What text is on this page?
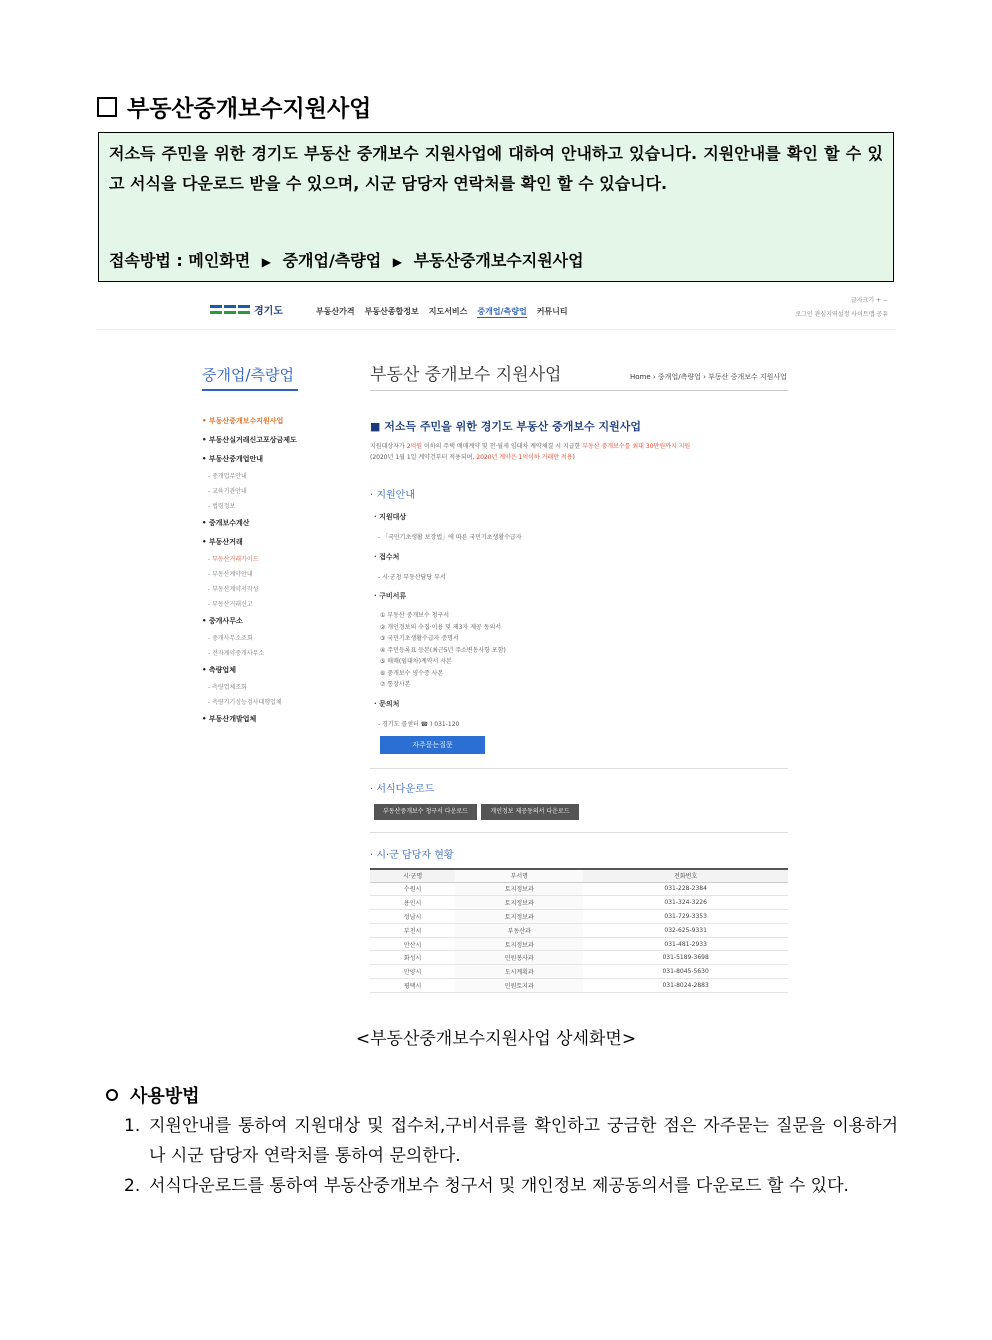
부동산중개보수지원사업
저소득 주민을 위한 경기도 부동산 중개보수 지원사업에 대하여 안내하고 있습니다. 지원안내를 확인 할 수 있고 서식을 다운로드 받을 수 있으며, 시군 담당자 연락처를 확인 할 수 있습니다.
접속방법 : 메인화면 ▶ 중개업/측량업 ▶ 부동산중개보수지원사업
경기도	부동산가격 부동산종합정보 지도서비스 중개업/측량업 커뮤니티
글자크기 + −
로그인 관심지역설정 사이트맵 공유
중개업/측량업
• 부동산중개보수지원사업
• 부동산실거래신고포상금제도
• 부동산중개업안내
- 중개업무안내
- 교육기관안내
- 법령정보
• 중개보수계산
• 부동산거래
- 부동산거래가이드
- 부동산계약안내
- 부동산계약서작성
- 부동산거래신고
• 중개사무소
- 중개사무소조회
- 전자계약중개사무소
• 측량업체
- 측량업체조회
- 측량기기성능검사대행업체
• 부동산개발업체
부동산 중개보수 지원사업	Home › 중개업/측량업 › 부동산 중개보수 지원사업
■ 저소득 주민을 위한 경기도 부동산 중개보수 지원사업
지원대상자가 2억원 이하의 주택 매매계약 및 전·월세 임대차 계약체결 시 지급한 부동산 중개보수를 최대 30만원까지 지원
(2020년 1월 1일 계약건부터 적용되며, 2020년 계약은 1억이하 거래만 적용)
· 지원안내
· 지원대상
- 「국민기초생활 보장법」에 따른 국민기초생활수급자
· 접수처
- 시·군청 부동산담당 부서
· 구비서류
① 부동산 중개보수 청구서
② 개인정보의 수집·이용 및 제3자 제공 동의서
③ 국민기초생활수급자 증명서
④ 주민등록표 등본(최근5년 주소변동사항 포함)
⑤ 매매(임대차)계약서 사본
⑥ 중개보수 영수증 사본
⑦ 통장사본
· 문의처
- 경기도 콜센터 ☎ ) 031-120
자주묻는질문
· 서식다운로드
부동산중개보수 청구서 다운로드	개인정보 제공동의서 다운로드
· 시·군 담당자 현황
시·군명	부서명	전화번호
수원시	토지정보과	031-228-2384
용인시	토지정보과	031-324-3226
성남시	토지정보과	031-729-3353
부천시	부동산과	032-625-9331
안산시	토지정보과	031-481-2933
화성시	민원봉사과	031-5189-3698
안양시	도시계획과	031-8045-5630
평택시	민원토지과	031-8024-2883
<부동산중개보수지원사업 상세화면>
사용방법
1. 지원안내를 통하여 지원대상 및 접수처,구비서류를 확인하고 궁금한 점은 자주묻는 질문을 이용하거나 시군 담당자 연락처를 통하여 문의한다.
2. 서식다운로드를 통하여 부동산중개보수 청구서 및 개인정보 제공동의서를 다운로드 할 수 있다.
